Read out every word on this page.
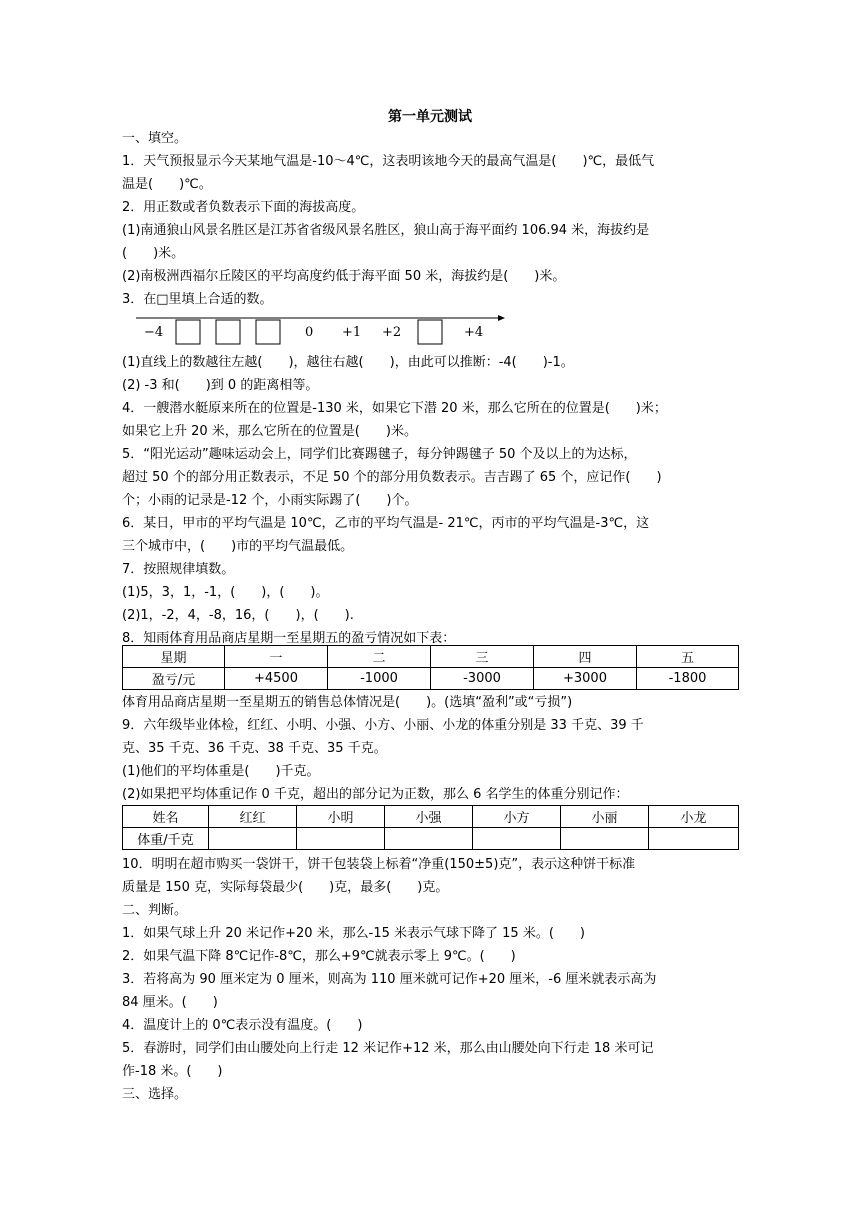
第一单元测试
一、填空。
1．天气预报显示今天某地气温是-10～4℃，这表明该地今天的最高气温是(　　)℃，最低气
温是(　　)℃。
2．用正数或者负数表示下面的海拔高度。
(1)南通狼山风景名胜区是江苏省省级风景名胜区，狼山高于海平面约 106.94 米，海拔约是
(　　)米。
(2)南极洲西福尔丘陵区的平均高度约低于海平面 50 米，海拔约是(　　)米。
3．在□里填上合适的数。
−4	0 +1 +2	+4
(1)直线上的数越往左越(　　)，越往右越(　　)，由此可以推断：-4(　　)-1。
(2) -3 和(　　)到 0 的距离相等。
4．一艘潜水艇原来所在的位置是-130 米，如果它下潜 20 米，那么它所在的位置是(　　)米；
如果它上升 20 米，那么它所在的位置是(　　)米。
5．“阳光运动”趣味运动会上，同学们比赛踢毽子，每分钟踢毽子 50 个及以上的为达标，
超过 50 个的部分用正数表示，不足 50 个的部分用负数表示。吉吉踢了 65 个，应记作(　　)
个；小雨的记录是-12 个，小雨实际踢了(　　)个。
6．某日，甲市的平均气温是 10℃，乙市的平均气温是- 21℃，丙市的平均气温是-3℃，这
三个城市中，(　　)市的平均气温最低。
7．按照规律填数。
(1)5，3，1，-1，(　　)，(　　)。
(2)1，-2，4，-8，16，(　　)，(　　).
8．知雨体育用品商店星期一至星期五的盈亏情况如下表：
星期	一	二	三	四	五
盈亏/元	+4500	-1000	-3000	+3000	-1800
体育用品商店星期一至星期五的销售总体情况是(　　)。(选填“盈利”或“亏损”)
9．六年级毕业体检，红红、小明、小强、小方、小丽、小龙的体重分别是 33 千克、39 千
克、35 千克、36 千克、38 千克、35 千克。
(1)他们的平均体重是(　　)千克。
(2)如果把平均体重记作 0 千克，超出的部分记为正数，那么 6 名学生的体重分别记作：
姓名	红红	小明	小强	小方	小丽	小龙
体重/千克						
10．明明在超市购买一袋饼干，饼干包装袋上标着“净重(150±5)克”，表示这种饼干标准
质量是 150 克，实际每袋最少(　　)克，最多(　　)克。
二、判断。
1．如果气球上升 20 米记作+20 米，那么-15 米表示气球下降了 15 米。(　　)
2．如果气温下降 8℃记作-8℃，那么+9℃就表示零上 9℃。(　　)
3．若将高为 90 厘米定为 0 厘米，则高为 110 厘米就可记作+20 厘米，-6 厘米就表示高为
84 厘米。(　　)
4．温度计上的 0℃表示没有温度。(　　)
5．春游时，同学们由山腰处向上行走 12 米记作+12 米，那么由山腰处向下行走 18 米可记
作-18 米。(　　)
三、选择。
